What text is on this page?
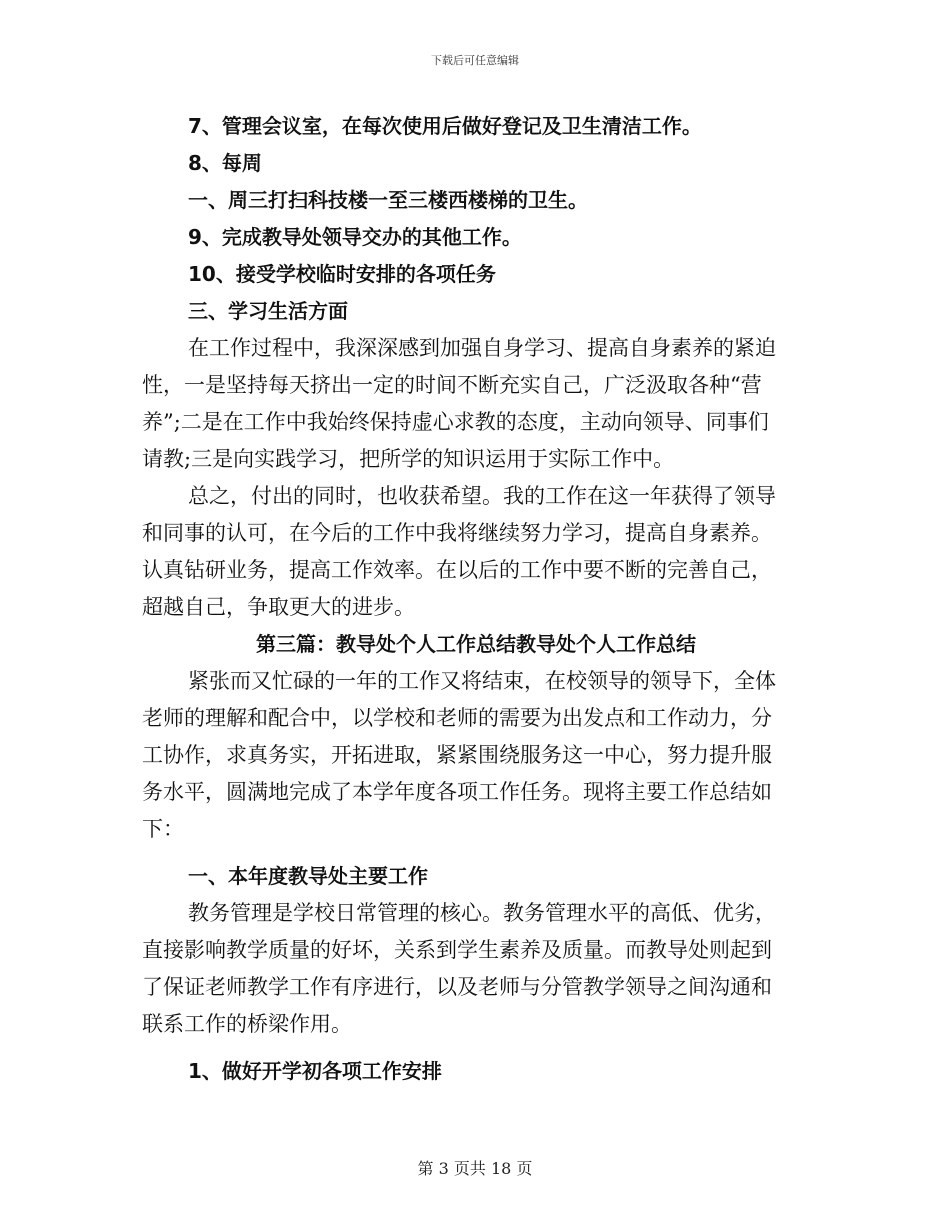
下载后可任意编辑
7、管理会议室，在每次使用后做好登记及卫生清洁工作。
8、每周
一、周三打扫科技楼一至三楼西楼梯的卫生。
9、完成教导处领导交办的其他工作。
10、接受学校临时安排的各项任务
三、学习生活方面
在工作过程中，我深深感到加强自身学习、提高自身素养的紧迫
性，一是坚持每天挤出一定的时间不断充实自己，广泛汲取各种“营
养”;二是在工作中我始终保持虚心求教的态度，主动向领导、同事们
请教;三是向实践学习，把所学的知识运用于实际工作中。
总之，付出的同时，也收获希望。我的工作在这一年获得了领导
和同事的认可，在今后的工作中我将继续努力学习，提高自身素养。
认真钻研业务，提高工作效率。在以后的工作中要不断的完善自己，
超越自己，争取更大的进步。
第三篇：教导处个人工作总结教导处个人工作总结
紧张而又忙碌的一年的工作又将结束，在校领导的领导下，全体
老师的理解和配合中，以学校和老师的需要为出发点和工作动力，分
工协作，求真务实，开拓进取，紧紧围绕服务这一中心，努力提升服
务水平，圆满地完成了本学年度各项工作任务。现将主要工作总结如
下：
一、本年度教导处主要工作
教务管理是学校日常管理的核心。教务管理水平的高低、优劣，
直接影响教学质量的好坏，关系到学生素养及质量。而教导处则起到
了保证老师教学工作有序进行，以及老师与分管教学领导之间沟通和
联系工作的桥梁作用。
1、做好开学初各项工作安排
第 3 页共 18 页
